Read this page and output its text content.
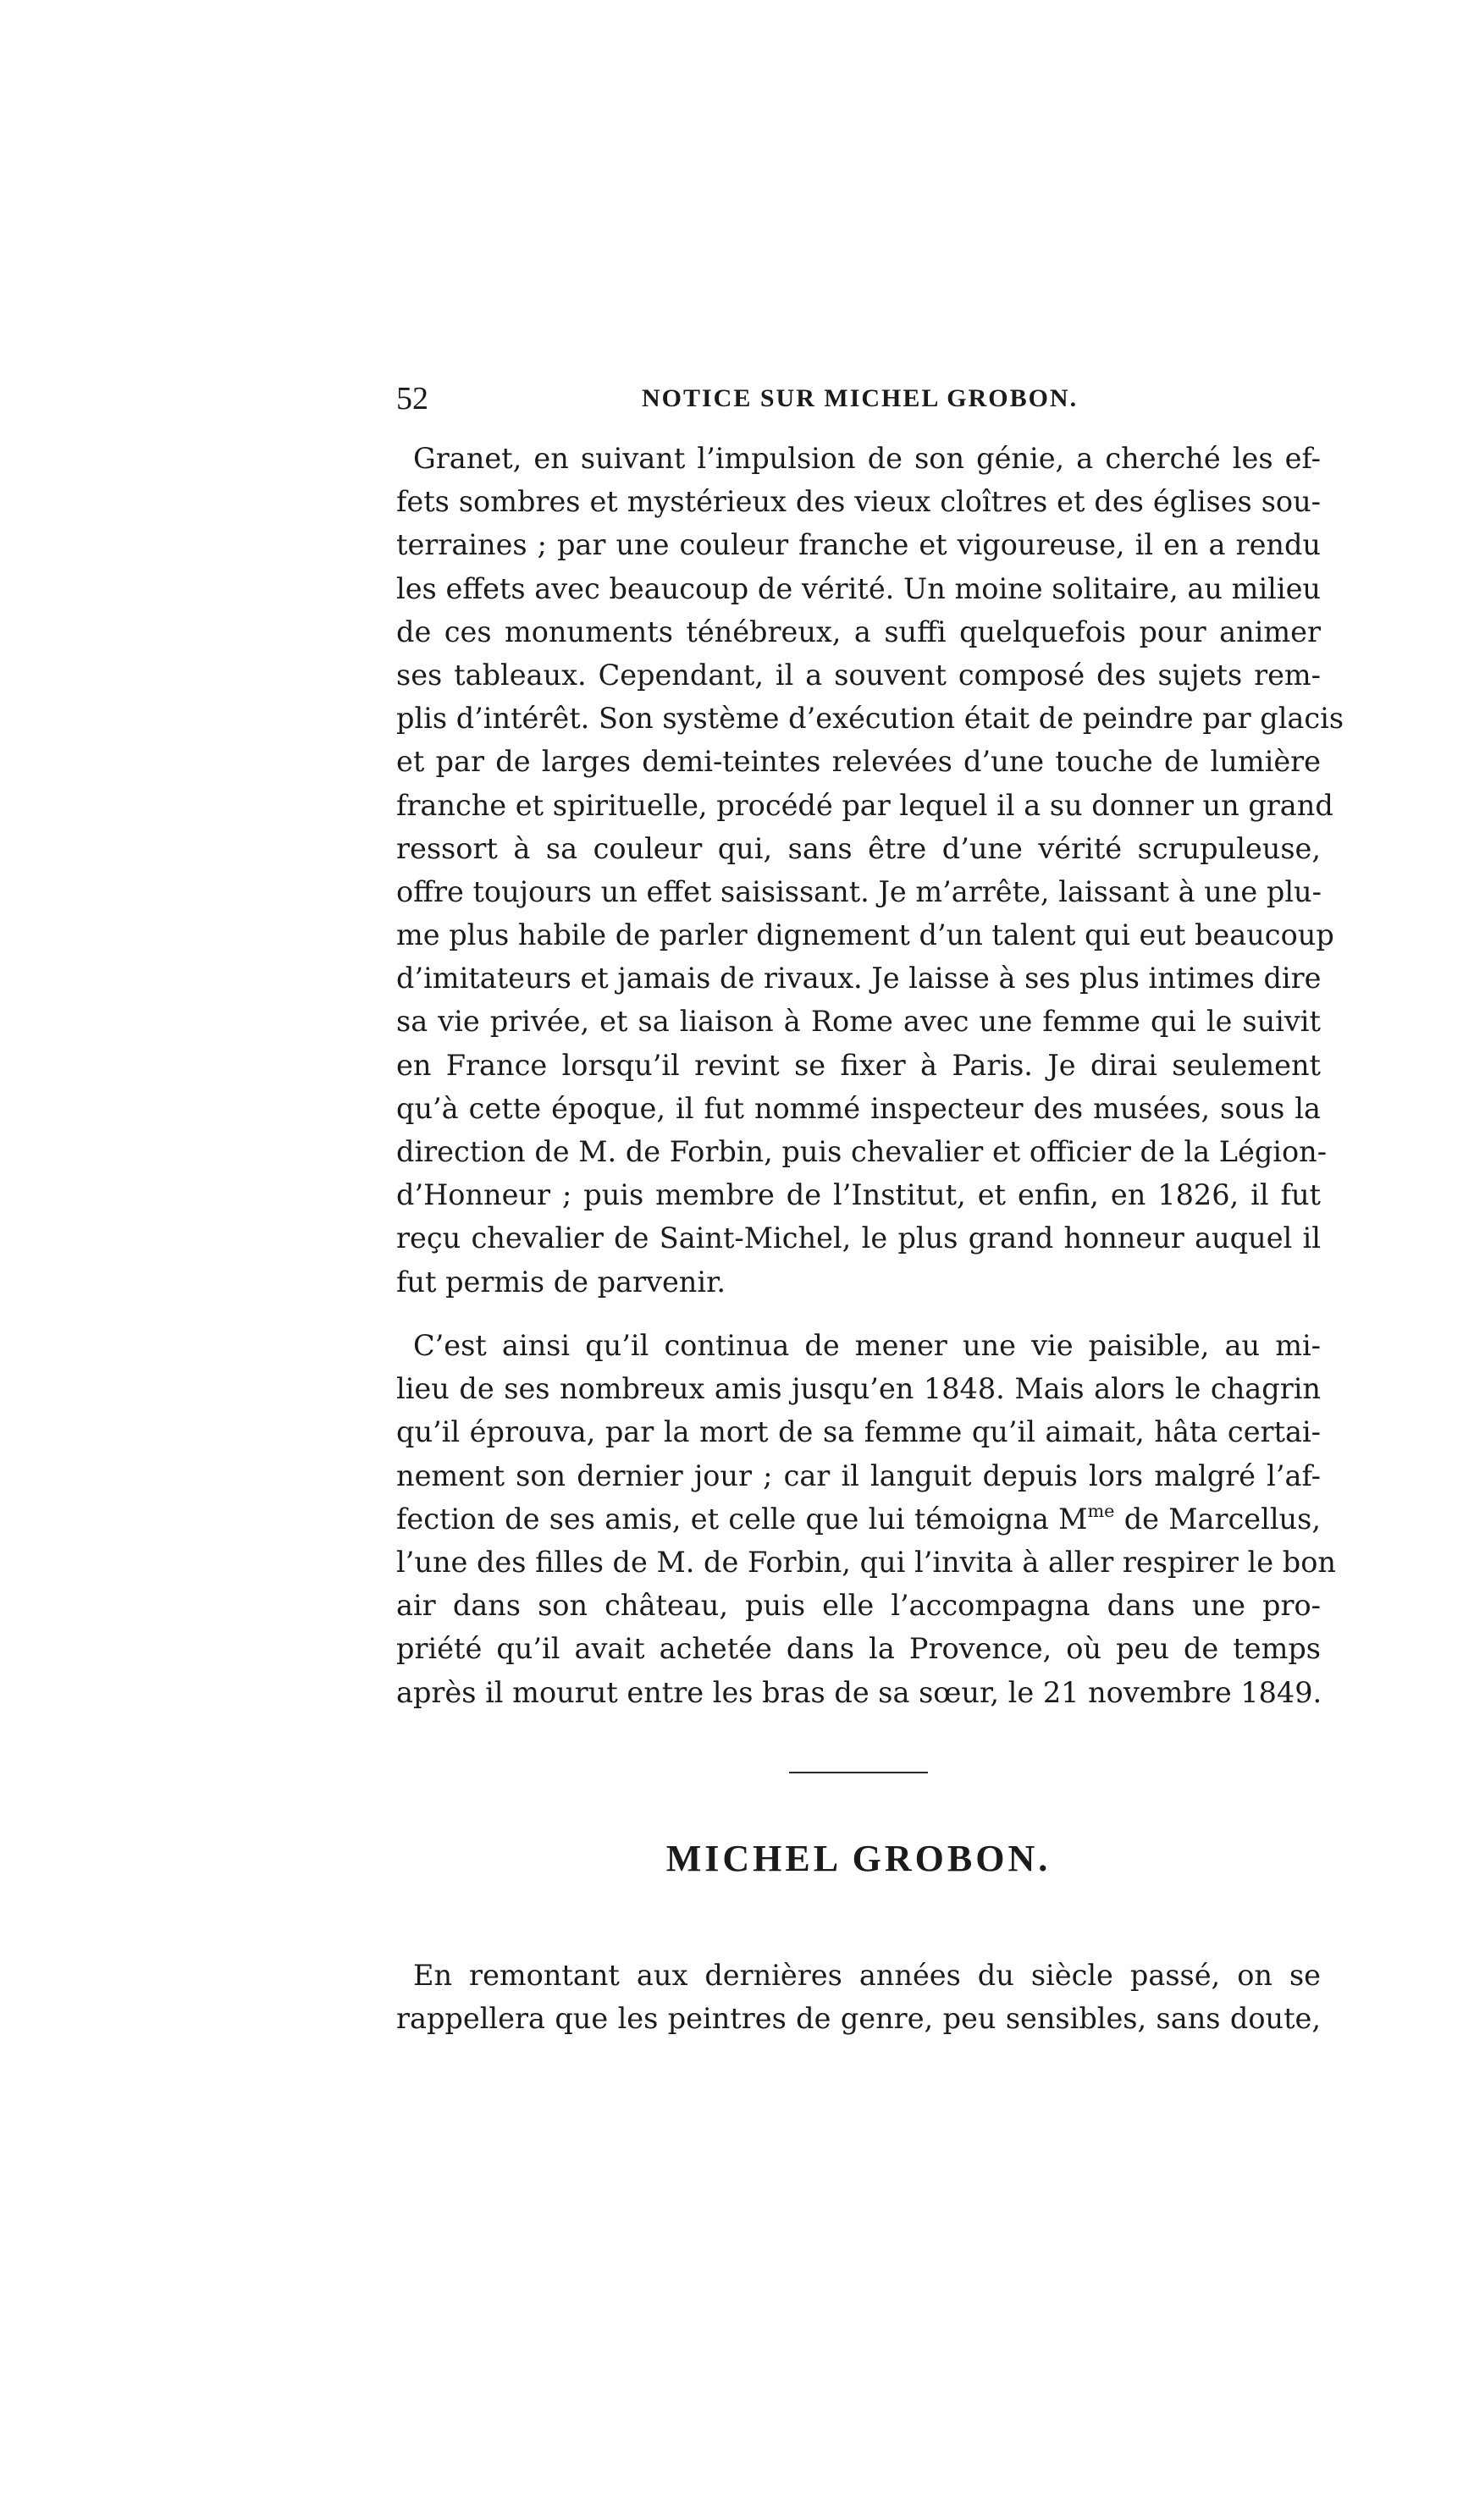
52	NOTICE SUR MICHEL GROBON.
Granet, en suivant l’impulsion de son génie, a cherché les ef-
fets sombres et mystérieux des vieux cloîtres et des églises sou-
terraines ; par une couleur franche et vigoureuse, il en a rendu
les effets avec beaucoup de vérité. Un moine solitaire, au milieu
de ces monuments ténébreux, a suffi quelquefois pour animer
ses tableaux. Cependant, il a souvent composé des sujets rem-
plis d’intérêt. Son système d’exécution était de peindre par glacis
et par de larges demi-teintes relevées d’une touche de lumière
franche et spirituelle, procédé par lequel il a su donner un grand
ressort à sa couleur qui, sans être d’une vérité scrupuleuse,
offre toujours un effet saisissant. Je m’arrête, laissant à une plu-
me plus habile de parler dignement d’un talent qui eut beaucoup
d’imitateurs et jamais de rivaux. Je laisse à ses plus intimes dire
sa vie privée, et sa liaison à Rome avec une femme qui le suivit
en France lorsqu’il revint se fixer à Paris. Je dirai seulement
qu’à cette époque, il fut nommé inspecteur des musées, sous la
direction de M. de Forbin, puis chevalier et officier de la Légion-
d’Honneur ; puis membre de l’Institut, et enfin, en 1826, il fut
reçu chevalier de Saint-Michel, le plus grand honneur auquel il
fut permis de parvenir.
C’est ainsi qu’il continua de mener une vie paisible, au mi-
lieu de ses nombreux amis jusqu’en 1848. Mais alors le chagrin
qu’il éprouva, par la mort de sa femme qu’il aimait, hâta certai-
nement son dernier jour ; car il languit depuis lors malgré l’af-
fection de ses amis, et celle que lui témoigna $M^{me}$ de Marcellus,
l’une des filles de M. de Forbin, qui l’invita à aller respirer le bon
air dans son château, puis elle l’accompagna dans une pro-
priété qu’il avait achetée dans la Provence, où peu de temps
après il mourut entre les bras de sa sœur, le 21 novembre 1849.
MICHEL GROBON.
En remontant aux dernières années du siècle passé, on se
rappellera que les peintres de genre, peu sensibles, sans doute,
